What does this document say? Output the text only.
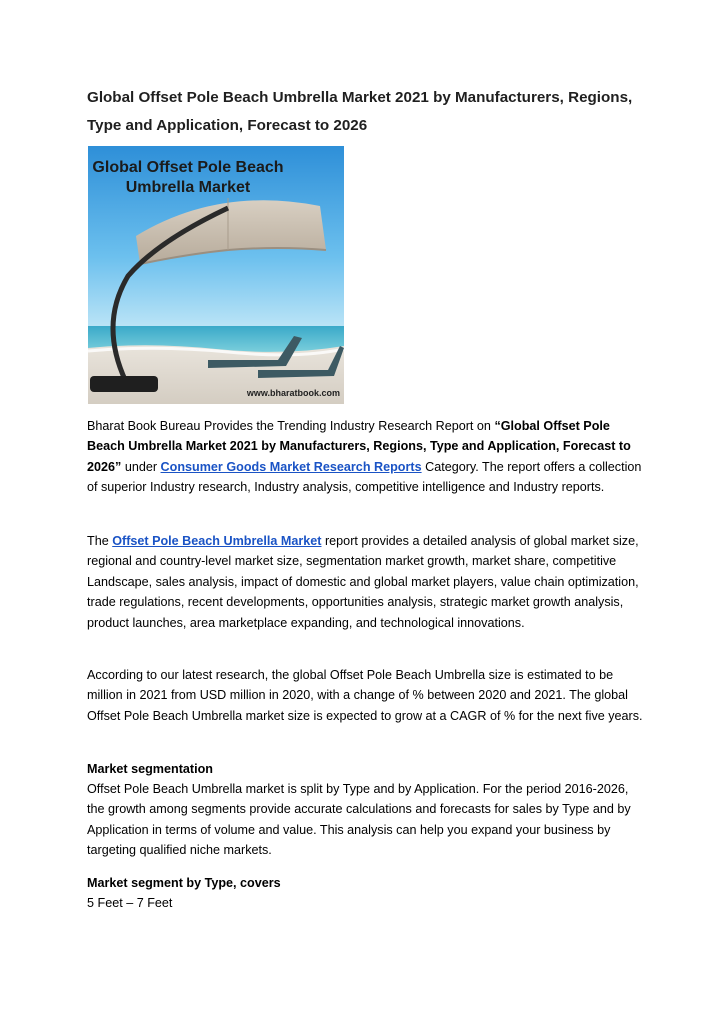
Global Offset Pole Beach Umbrella Market 2021 by Manufacturers, Regions, Type and Application, Forecast to 2026
Global Offset Pole Beach
Umbrella Market
www.bharatbook.com

Bharat Book Bureau Provides the Trending Industry Research Report on “Global Offset Pole Beach Umbrella Market 2021 by Manufacturers, Regions, Type and Application, Forecast to 2026” under Consumer Goods Market Research Reports Category. The report offers a collection of superior Industry research, Industry analysis, competitive intelligence and Industry reports.

The Offset Pole Beach Umbrella Market report provides a detailed analysis of global market size, regional and country-level market size, segmentation market growth, market share, competitive Landscape, sales analysis, impact of domestic and global market players, value chain optimization, trade regulations, recent developments, opportunities analysis, strategic market growth analysis, product launches, area marketplace expanding, and technological innovations.

According to our latest research, the global Offset Pole Beach Umbrella size is estimated to be million in 2021 from USD million in 2020, with a change of % between 2020 and 2021. The global Offset Pole Beach Umbrella market size is expected to grow at a CAGR of % for the next five years.

Market segmentation

Offset Pole Beach Umbrella market is split by Type and by Application. For the period 2016-2026, the growth among segments provide accurate calculations and forecasts for sales by Type and by Application in terms of volume and value. This analysis can help you expand your business by targeting qualified niche markets.

Market segment by Type, covers

5 Feet – 7 Feet
